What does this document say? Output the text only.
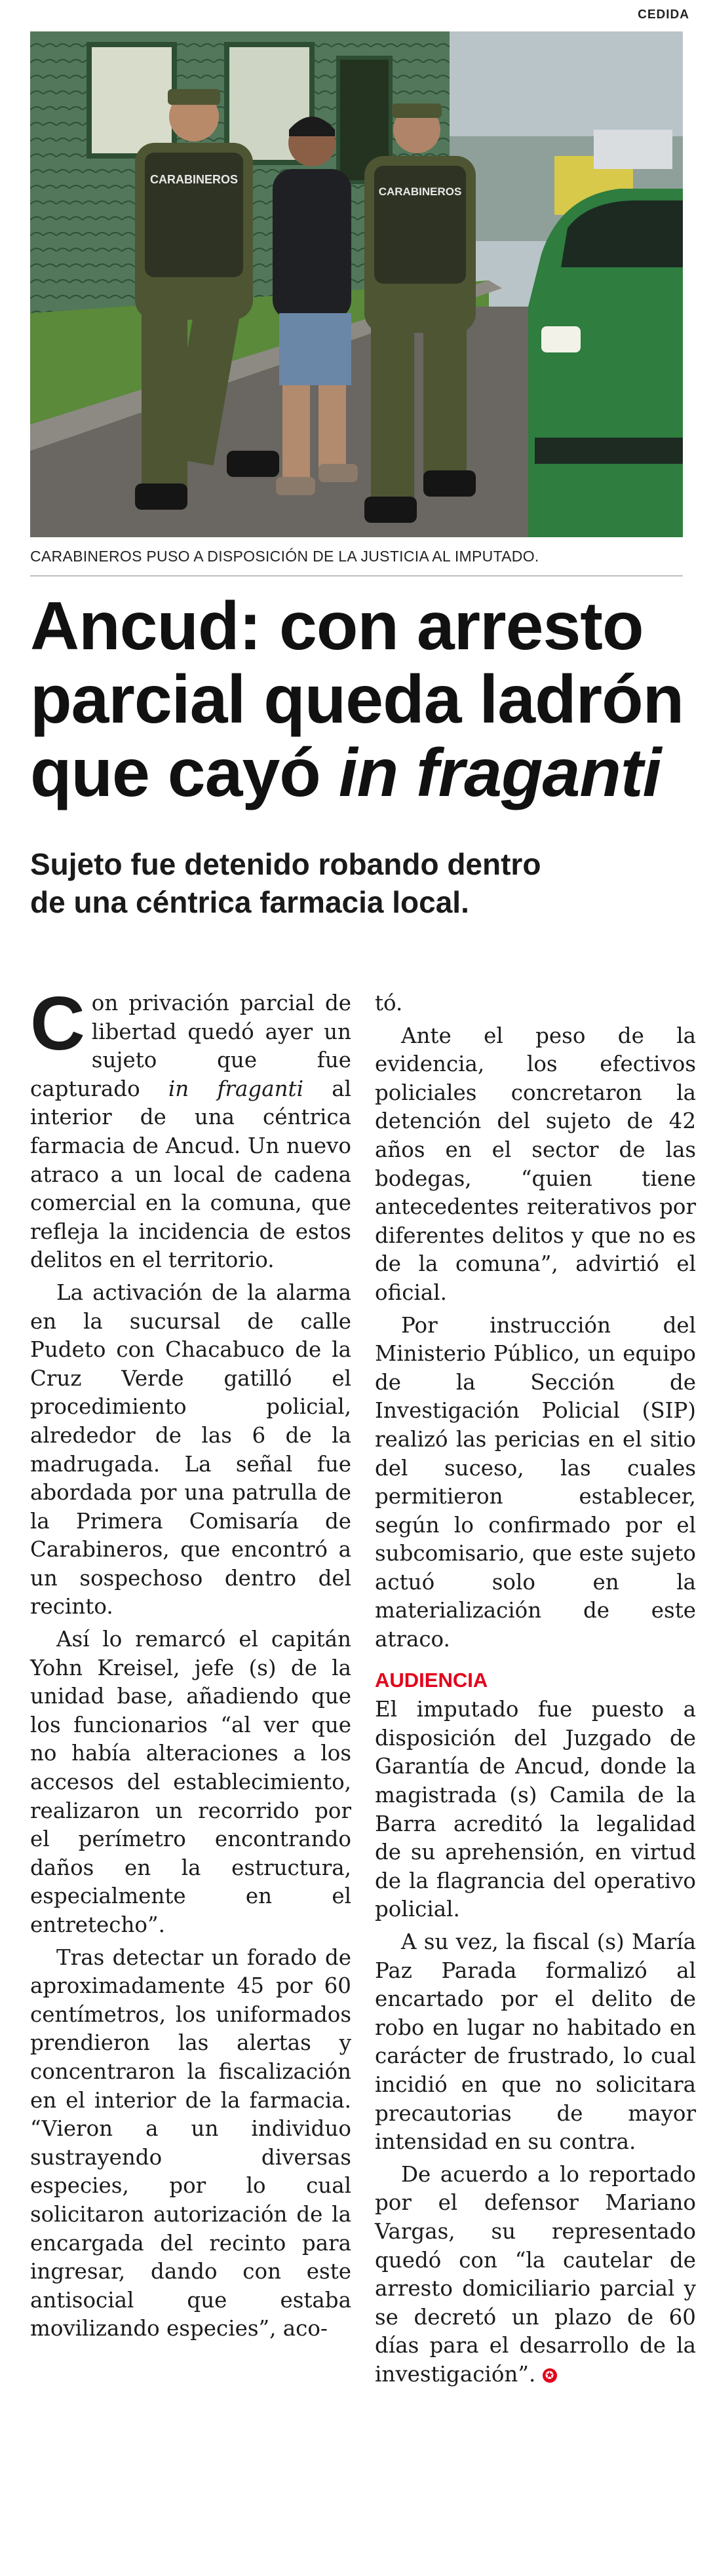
CEDIDA
CARABINEROS
CARABINEROS
CARABINEROS PUSO A DISPOSICIÓN DE LA JUSTICIA AL IMPUTADO.
Ancud: con arresto
parcial queda ladrón
que cayó in fraganti
Sujeto fue detenido robando dentro
de una céntrica farmacia local.

Con privación parcial de libertad quedó ayer un sujeto que fue capturado in fraganti al interior de una céntrica farmacia de Ancud. Un nuevo atraco a un local de cadena comercial en la comuna, que refleja la incidencia de estos delitos en el territorio.

La activación de la alarma en la sucursal de calle Pudeto con Chacabuco de la Cruz Verde gatilló el procedimiento policial, alrededor de las 6 de la madrugada. La señal fue abordada por una patrulla de la Primera Comisaría de Carabineros, que encontró a un sospechoso dentro del recinto.

Así lo remarcó el capitán Yohn Kreisel, jefe (s) de la unidad base, añadiendo que los funcionarios “al ver que no había alteraciones a los accesos del establecimiento, realizaron un recorrido por el perímetro encontrando daños en la estructura, especialmente en el entretecho”.

Tras detectar un forado de aproximadamente 45 por 60 centímetros, los uniformados prendieron las alertas y concentraron la fiscalización en el interior de la farmacia. “Vieron a un individuo sustrayendo diversas especies, por lo cual solicitaron autorización de la encargada del recinto para ingresar, dando con este antisocial que estaba movilizando especies”, aco-

tó.

Ante el peso de la evidencia, los efectivos policiales concretaron la detención del sujeto de 42 años en el sector de las bodegas, “quien tiene antecedentes reiterativos por diferentes delitos y que no es de la comuna”, advirtió el oficial.

Por instrucción del Ministerio Público, un equipo de la Sección de Investigación Policial (SIP) realizó las pericias en el sitio del suceso, las cuales permitieron establecer, según lo confirmado por el subcomisario, que este sujeto actuó solo en la materialización de este atraco.

AUDIENCIA

El imputado fue puesto a disposición del Juzgado de Garantía de Ancud, donde la magistrada (s) Camila de la Barra acreditó la legalidad de su aprehensión, en virtud de la flagrancia del operativo policial.

A su vez, la fiscal (s) María Paz Parada formalizó al encartado por el delito de robo en lugar no habitado en carácter de frustrado, lo cual incidió en que no solicitara precautorias de mayor intensidad en su contra.

De acuerdo a lo reportado por el defensor Mariano Vargas, su representado quedó con “la cautelar de arresto domiciliario parcial y se decretó un plazo de 60 días para el desarrollo de la investigación”. ✪
